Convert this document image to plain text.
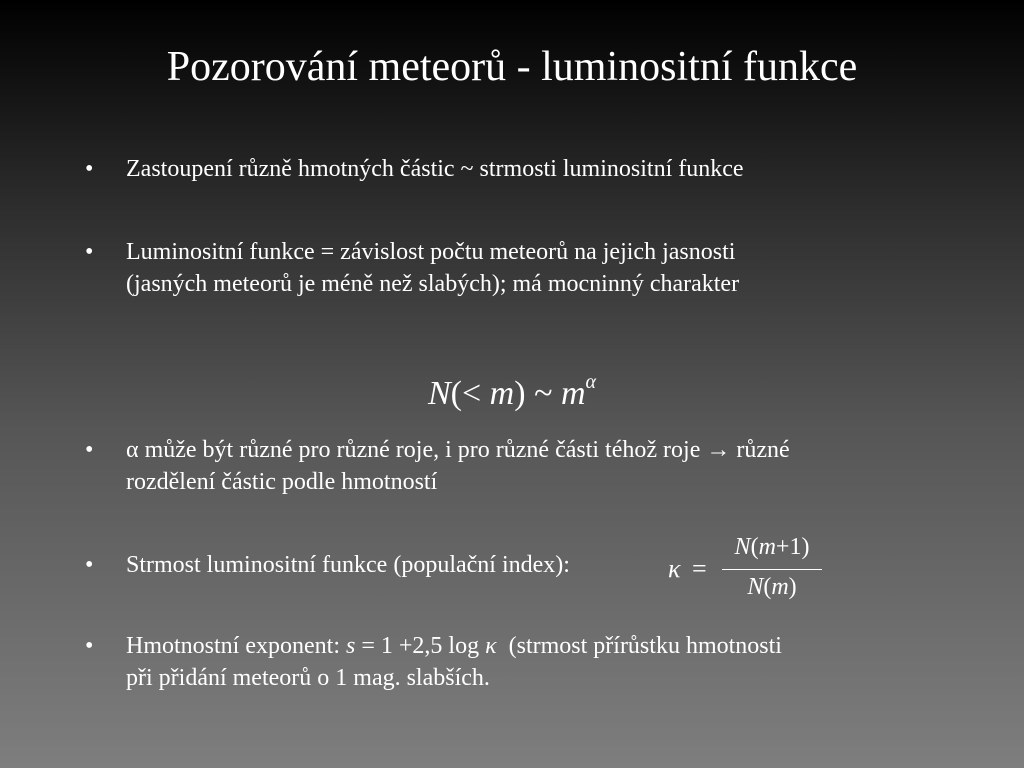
Pozorování meteorů - luminositní funkce
• Zastoupení různě hmotných částic ~ strmosti luminositní funkce
• Luminositní funkce = závislost počtu meteorů na jejich jasnosti
(jasných meteorů je méně než slabých); má mocninný charakter
N(< m) ~ $m^\alpha$
• α může být různé pro různé roje, i pro různé části téhož roje → různé
rozdělení částic podle hmotností
• Strmost luminositní funkce (populační index):	κ =
N(m+1)
N(m)
• Hmotnostní exponent: s = 1 +2,5 log κ  (strmost přírůstku hmotnosti
při přidání meteorů o 1 mag. slabších.
